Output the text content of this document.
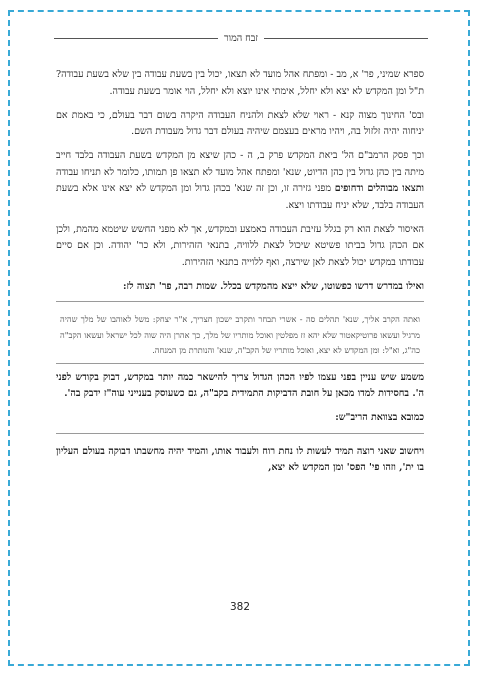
זבח המור

ספרא שמיני, פר' א, מב - ומפתח אהל מועד לא תצאו, יכול בין בשעת עבודה בין שלא בשעת עבודה? ת"ל ומן המקדש לא יצא ולא יחלל, אימתי אינו יוצא ולא יחלל, הוי אומר בשעת עבודה.

ובס' החינוך מצוה קנא - ראוי שלא לצאת ולהניח העבודה היקרה בשום דבר בעולם, כי באמת אם יניחוה יהיה זלזול בה, ויהיו מראים בעצמם שיהיה בעולם דבר גדול מעבודת השם.

וכך פסק הרמב"ם הל' ביאת המקדש פרק ב, ה - כהן שיצא מן המקדש בשעת העבודה בלבד חייב מיתה בין כהן גדול בין כהן הדיוט, שנא' ומפתח אהל מועד לא תצאו פן תמותו, כלומר לא תניחו עבודה ותצאו מבוהלים ודחופים מפני גזירה זו, וכן זה שנא' בכהן גדול ומן המקדש לא יצא אינו אלא בשעת העבודה בלבד, שלא יניח עבודתו ויצא.

האיסור לצאת הוא רק בגלל עזיבת העבודה באמצע ובמקדש, אך לא מפני החשש שיטמא מהמת, ולכן אם הכהן גדול בביתו פשיטא שיכול לצאת ללוויה, בתנאי הזהירות, ולא כר' יהודה. וכן אם סיים עבודתו במקדש יכול לצאת לאן שירצה, ואף ללוייה בתנאי הזהירות.

ואילו במדרש דרשו כפשוטו, שלא ייצא מהמקדש בכלל. שמות רבה, פר' תצוה לז:

ואתה הקרב אליך, שנא' תהלים סה - אשרי תבחר ותקרב ישכון חצריך, א"ר יצחק: משל לאוהבו של מלך שהיה מרגיל ועשאו פרוטיקאטור שלא יהא זז מפלטין ואוכל מותריו של מלך, כך אהרן היה שוה לכל ישראל ועשאו הקב"ה כה"ג, וא"ל: ומן המקדש לא יצא, ואוכל מותריו של הקב"ה, שנא' והנותרת מן המנחה.

משמע שיש עניין בפני עצמו לפיו הכהן הגדול צריך להישאר כמה יותר במקדש, דבוק בקודש לפני ה'. בחסידות למדו מכאן על חובת הדביקות התמידית בקב"ה, גם כשעוסק בענייני עוה"ז ידבק בה'.

כמובא בצוואת הריב"ש:

ויחשוב שאני רוצה תמיד לעשות לו נחת רוח ולעבוד אותו, והמיד יהיה מחשבתו דבוקה בעולם העליון בו ית', וזהו פי' הפס' ומן המקדש לא יצא,

382
